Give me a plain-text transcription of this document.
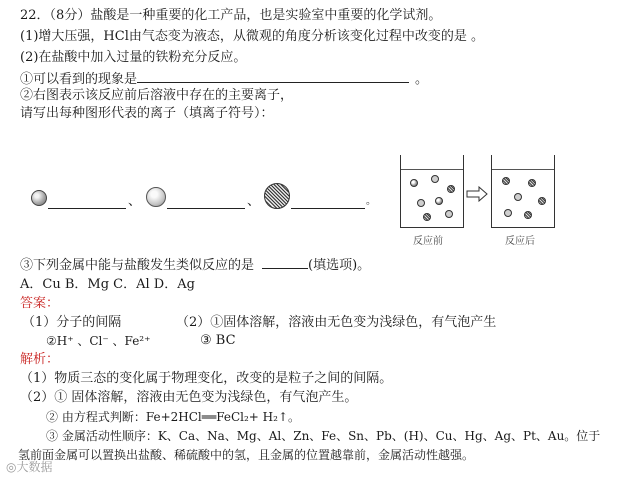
22．（8分）盐酸是一种重要的化工产品，也是实验室中重要的化学试剂。
(1)增大压强，HCl由气态变为液态，从微观的角度分析该变化过程中改变的是 。
(2)在盐酸中加入过量的铁粉充分反应。
①可以看到的现象是	。
②右图表示该反应前后溶液中存在的主要离子，
请写出每种图形代表的离子（填离子符号）：
、	、	。
反应前	反应后
③下列金属中能与盐酸发生类似反应的是	(填选项)。
A．Cu B．Mg C．Al D．Ag
答案：
（1）分子的间隔	（2）①固体溶解，溶液由无色变为浅绿色，有气泡产生
②H⁺ 、Cl⁻ 、Fe²⁺	③ BC
解析：
（1）物质三态的变化属于物理变化，改变的是粒子之间的间隔。
（2）① 固体溶解，溶液由无色变为浅绿色，有气泡产生。
② 由方程式判断：Fe+2HCl══FeCl₂+ H₂↑。
③ 金属活动性顺序：K、Ca、Na、Mg、Al、Zn、Fe、Sn、Pb、(H)、Cu、Hg、Ag、Pt、Au。位于
氢前面金属可以置换出盐酸、稀硫酸中的氢，且金属的位置越靠前，金属活动性越强。
◎大数据
